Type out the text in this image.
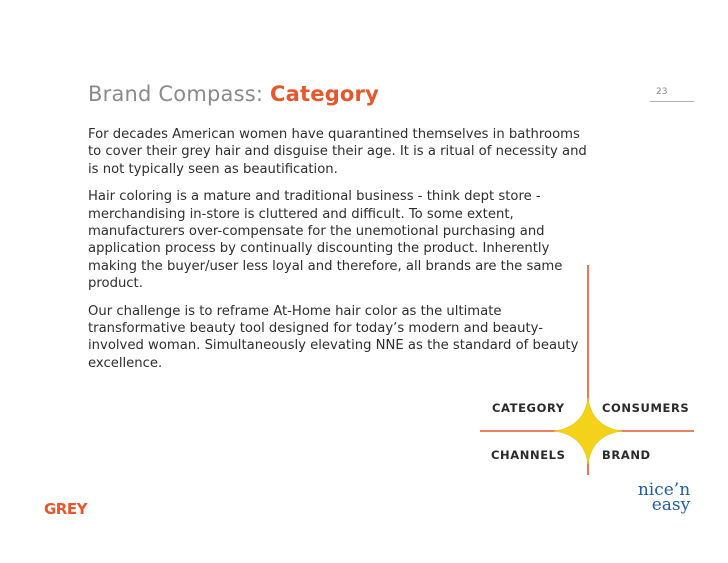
Brand Compass: Category	23

For decades American women have quarantined themselves in bathrooms to cover their grey hair and disguise their age. It is a ritual of necessity and is not typically seen as beautification.

Hair coloring is a mature and traditional business - think dept store - merchandising in-store is cluttered and difficult. To some extent, manufacturers over-compensate for the unemotional purchasing and application process by continually discounting the product. Inherently making the buyer/user less loyal and therefore, all brands are the same product.

Our challenge is to reframe At-Home hair color as the ultimate transformative beauty tool designed for today’s modern and beauty-involved woman. Simultaneously elevating NNE as the standard of beauty excellence.

CATEGORY	CONSUMERS
CHANNELS	BRAND
GREY
nice’n
easy
